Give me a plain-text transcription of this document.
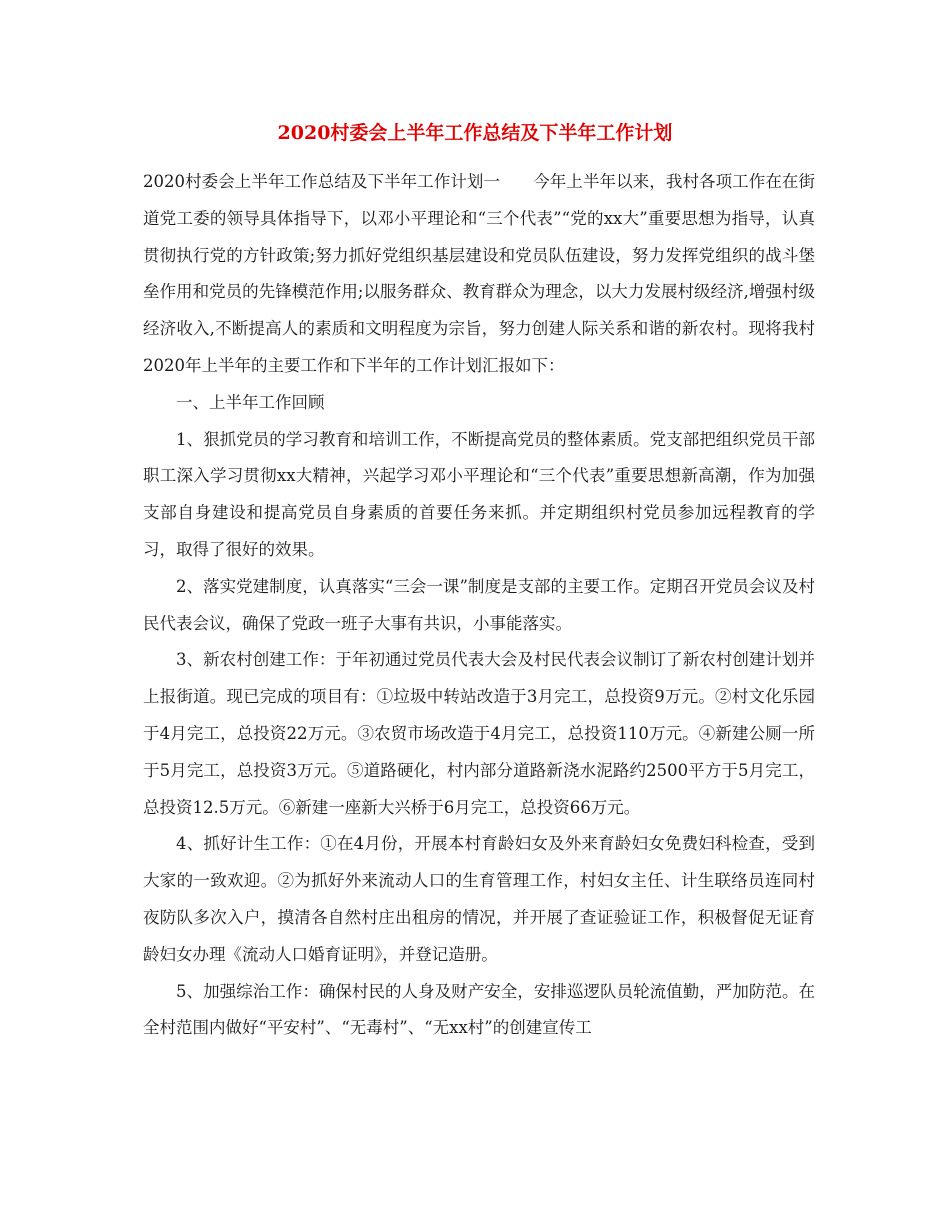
2020村委会上半年工作总结及下半年工作计划

2020村委会上半年工作总结及下半年工作计划一　　今年上半年以来，我村各项工作在在街道党工委的领导具体指导下，以邓小平理论和“三个代表”“党的xx大”重要思想为指导，认真贯彻执行党的方针政策;努力抓好党组织基层建设和党员队伍建设，努力发挥党组织的战斗堡垒作用和党员的先锋模范作用;以服务群众、教育群众为理念，以大力发展村级经济,增强村级经济收入,不断提高人的素质和文明程度为宗旨，努力创建人际关系和谐的新农村。现将我村2020年上半年的主要工作和下半年的工作计划汇报如下：

一、上半年工作回顾

1、狠抓党员的学习教育和培训工作，不断提高党员的整体素质。党支部把组织党员干部职工深入学习贯彻xx大精神，兴起学习邓小平理论和“三个代表”重要思想新高潮，作为加强支部自身建设和提高党员自身素质的首要任务来抓。并定期组织村党员参加远程教育的学习，取得了很好的效果。

2、落实党建制度，认真落实“三会一课”制度是支部的主要工作。定期召开党员会议及村民代表会议，确保了党政一班子大事有共识，小事能落实。

3、新农村创建工作：于年初通过党员代表大会及村民代表会议制订了新农村创建计划并上报街道。现已完成的项目有：①垃圾中转站改造于3月完工，总投资9万元。②村文化乐园于4月完工，总投资22万元。③农贸市场改造于4月完工，总投资110万元。④新建公厕一所于5月完工，总投资3万元。⑤道路硬化，村内部分道路新浇水泥路约2500平方于5月完工，总投资12.5万元。⑥新建一座新大兴桥于6月完工，总投资66万元。

4、抓好计生工作：①在4月份，开展本村育龄妇女及外来育龄妇女免费妇科检查，受到大家的一致欢迎。②为抓好外来流动人口的生育管理工作，村妇女主任、计生联络员连同村夜防队多次入户，摸清各自然村庄出租房的情况，并开展了查证验证工作，积极督促无证育龄妇女办理《流动人口婚育证明》，并登记造册。

5、加强综治工作：确保村民的人身及财产安全，安排巡逻队员轮流值勤，严加防范。在全村范围内做好“平安村”、“无毒村”、“无xx村”的创建宣传工
